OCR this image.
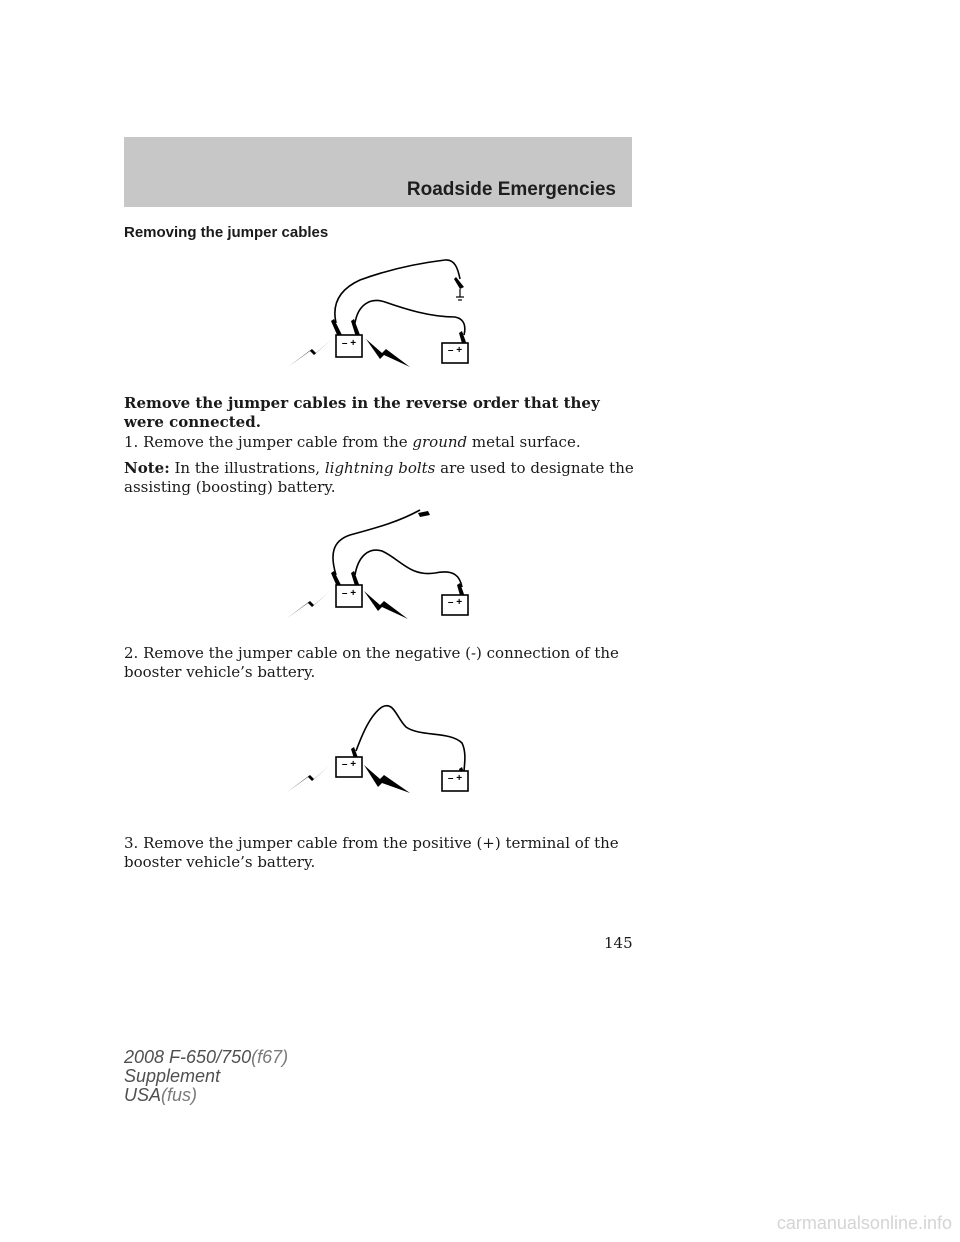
Roadside Emergencies
Removing the jumper cables
– +
– +
Remove the jumper cables in the reverse order that they were connected.
1. Remove the jumper cable from the ground metal surface.
Note: In the illustrations, lightning bolts are used to designate the assisting (boosting) battery.
– +
– +
2. Remove the jumper cable on the negative (-) connection of the booster vehicle’s battery.
– +
– +
3. Remove the jumper cable from the positive (+) terminal of the booster vehicle’s battery.
145
2008 F-650/750(f67)
Supplement
USA(fus)
carmanualsonline.info
